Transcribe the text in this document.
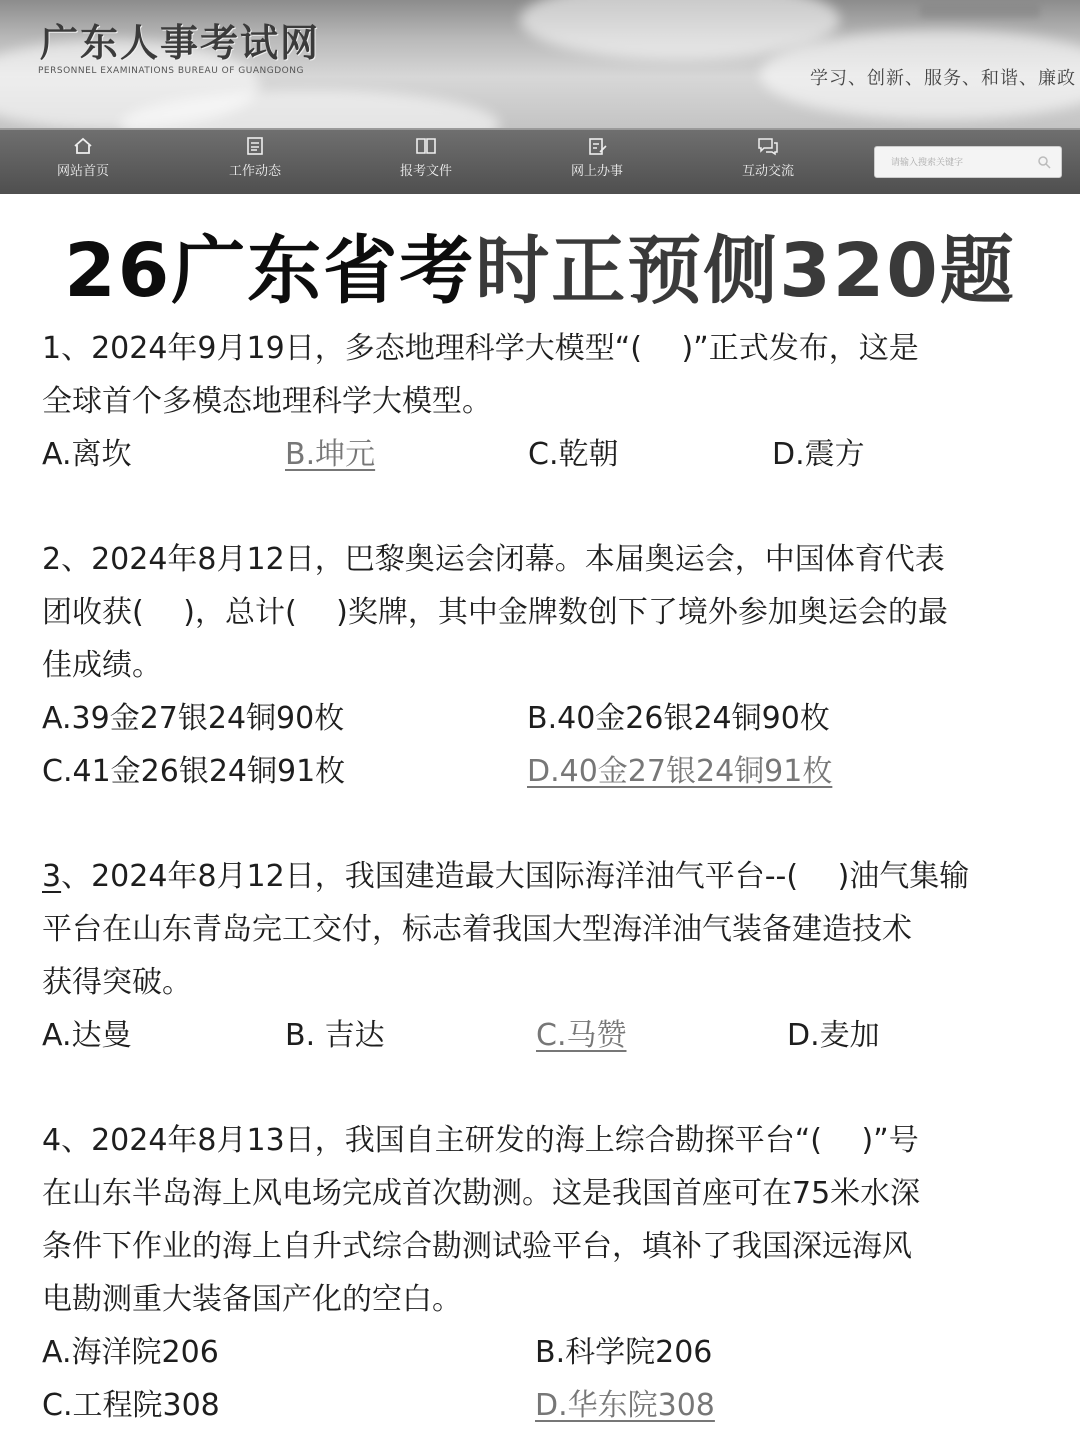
广东人事考试网
PERSONNEL EXAMINATIONS BUREAU OF GUANGDONG	学习、创新、服务、和谐、廉政
网站首页	工作动态	报考文件	网上办事	互动交流
请输入搜索关键字
26广东省考时正预侧320题
1、2024年9月19日，多态地理科学大模型“(　 )”正式发布，这是
全球首个多模态地理科学大模型。
A.离坎	B.坤元	C.乾朝	D.震方
2、2024年8月12日，巴黎奥运会闭幕。本届奥运会，中国体育代表
团收获(　 )，总计(　 )奖牌，其中金牌数创下了境外参加奥运会的最
佳成绩。
A.39金27银24铜90枚	B.40金26银24铜90枚
C.41金26银24铜91枚	D.40金27银24铜91枚
3、2024年8月12日，我国建造最大国际海洋油气平台--(　 )油气集输
平台在山东青岛完工交付，标志着我国大型海洋油气装备建造技术
获得突破。
A.达曼	B. 吉达	C.马赞	D.麦加
4、2024年8月13日，我国自主研发的海上综合勘探平台“(　 )”号
在山东半岛海上风电场完成首次勘测。这是我国首座可在75米水深
条件下作业的海上自升式综合勘测试验平台，填补了我国深远海风
电勘测重大装备国产化的空白。
A.海洋院206	B.科学院206
C.工程院308	D.华东院308
